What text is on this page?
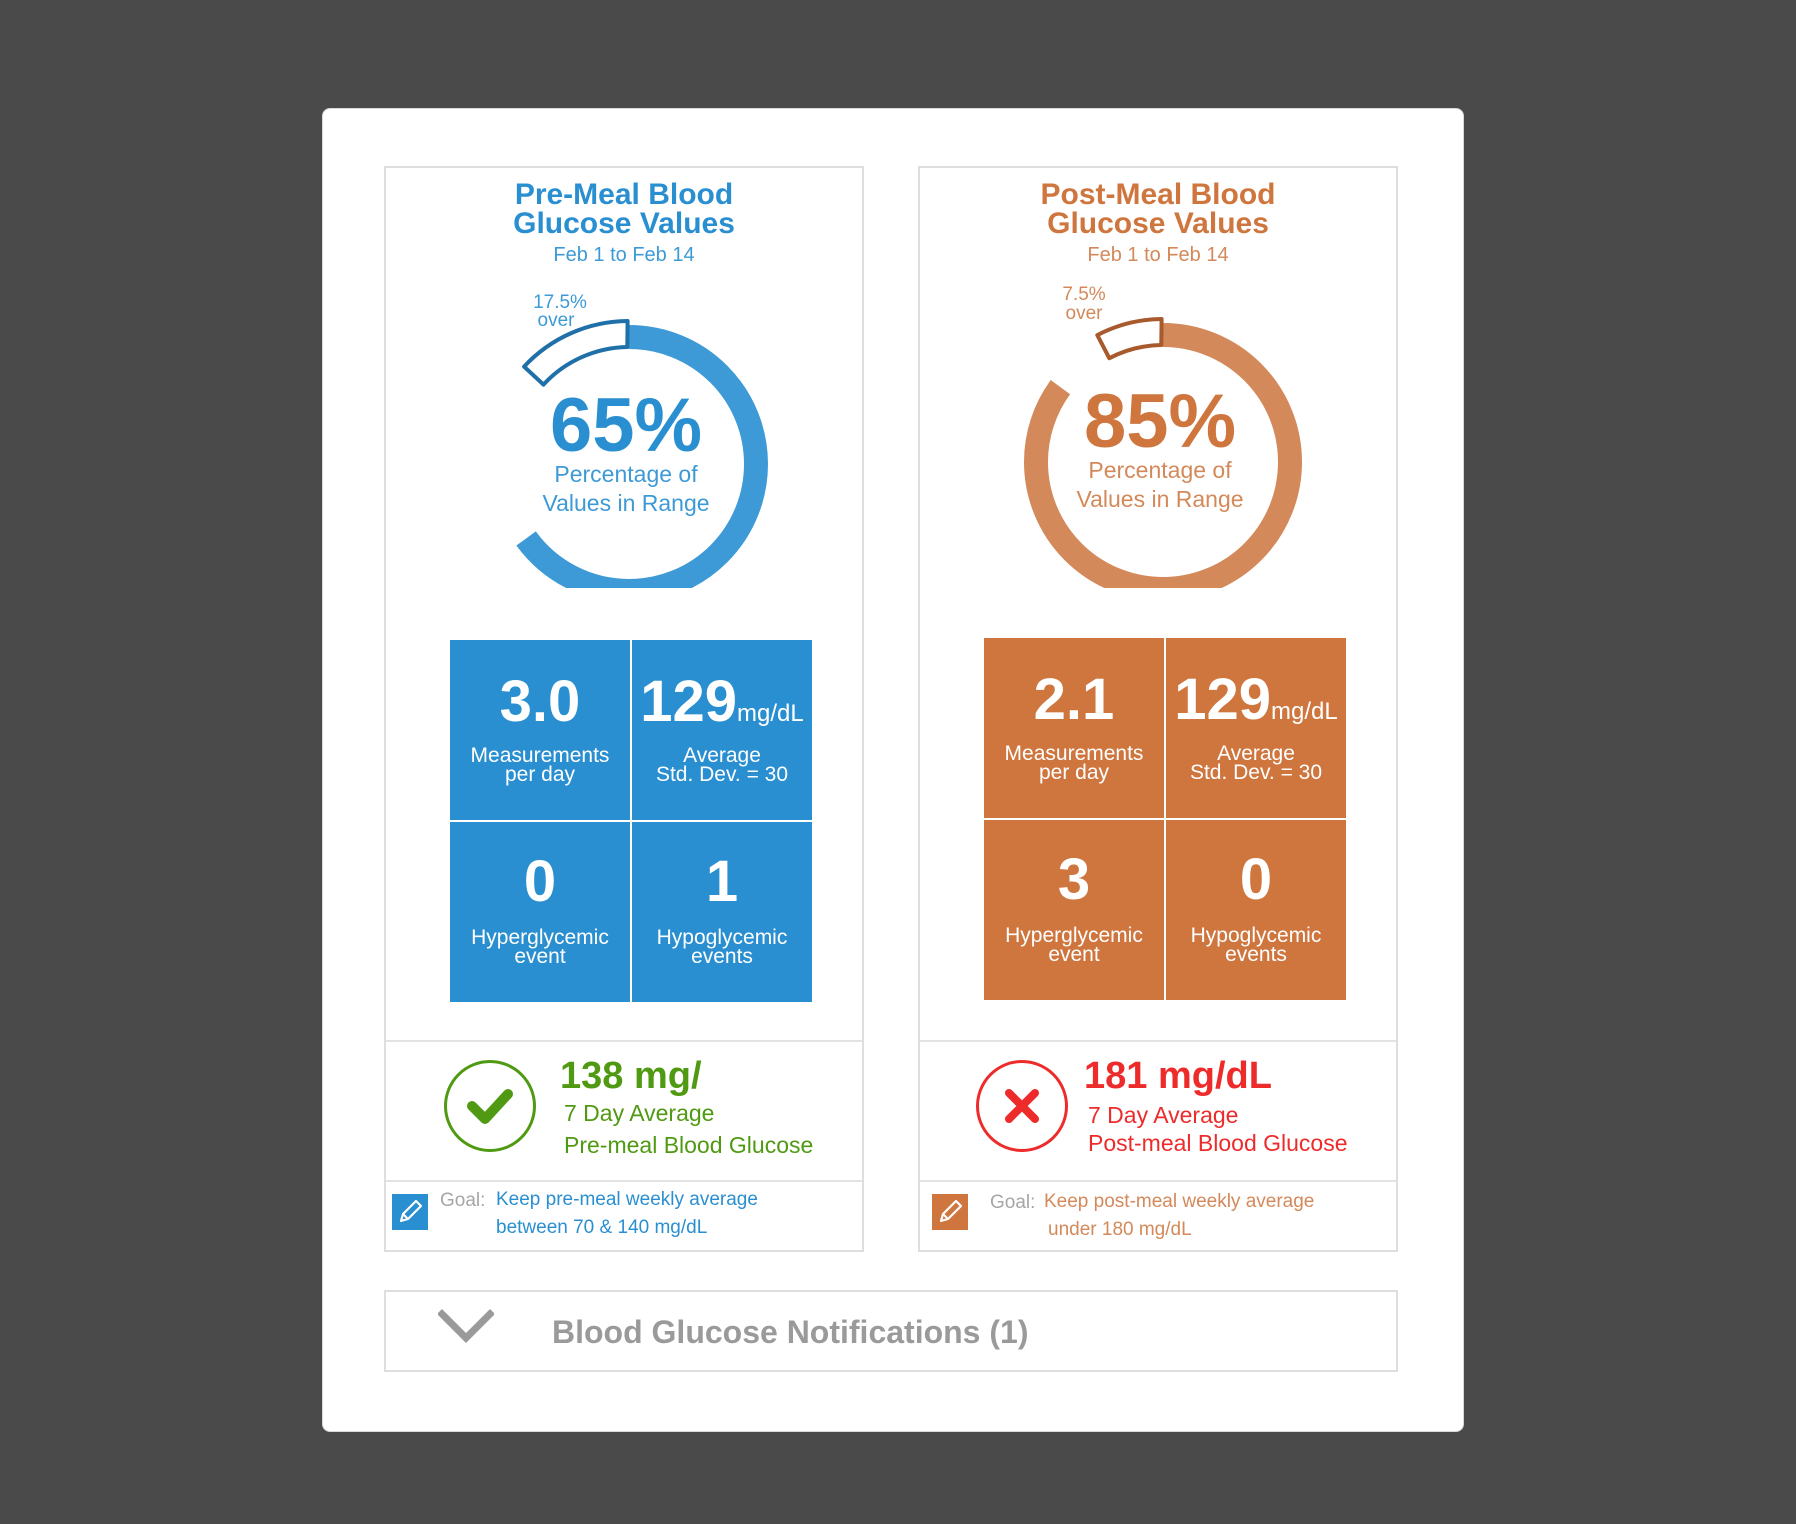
Pre-Meal Blood
Glucose Values
Feb 1 to Feb 14
17.5%
over
65%
Percentage of
Values in Range
3.0
Measurements
per day
129mg/dL
Average
Std. Dev. = 30
0
Hyperglycemic
event
1
Hypoglycemic
events
138 mg/
7 Day Average
Pre-meal Blood Glucose
Goal: Keep pre-meal weekly average
between 70 & 140 mg/dL
Post-Meal Blood
Glucose Values
Feb 1 to Feb 14
7.5%
over
85%
Percentage of
Values in Range
2.1
Measurements
per day
129mg/dL
Average
Std. Dev. = 30
3
Hyperglycemic
event
0
Hypoglycemic
events
181 mg/dL
7 Day Average
Post-meal Blood Glucose
Goal: Keep post-meal weekly average
under 180 mg/dL
Blood Glucose Notifications (1)
